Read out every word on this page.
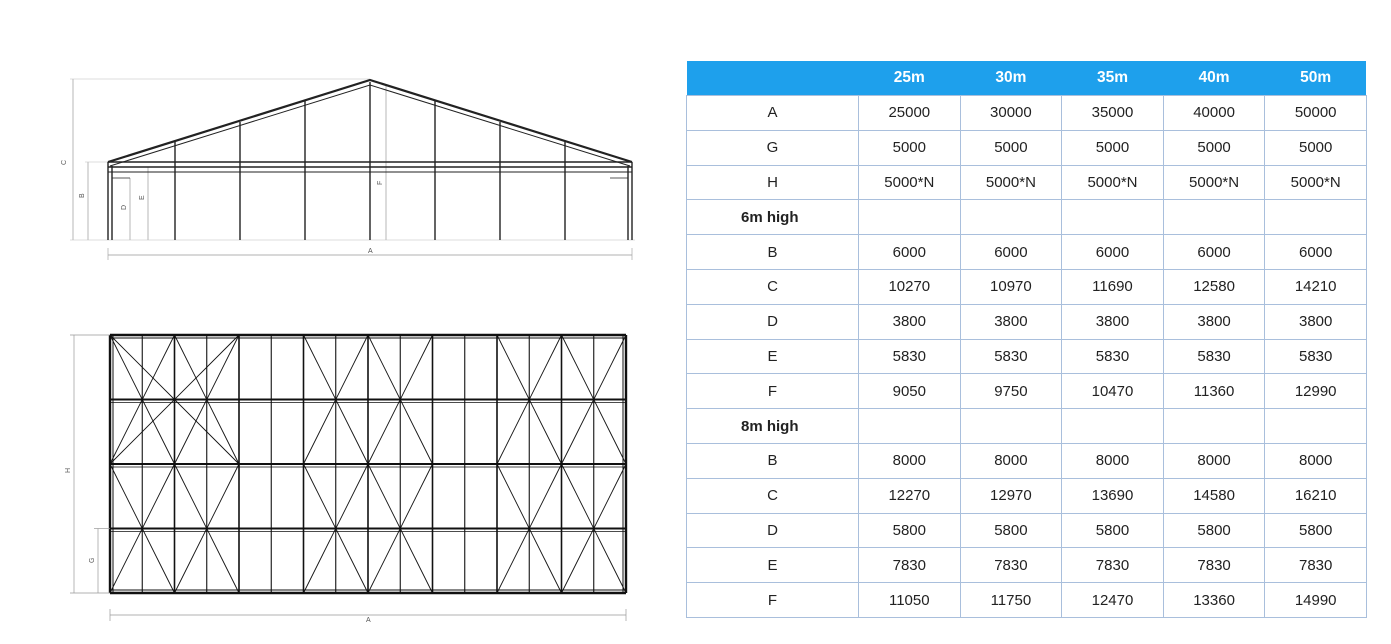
C
B
D
E
F
A
H
G
A
	25m	30m	35m	40m	50m
A	25000	30000	35000	40000	50000
G	5000	5000	5000	5000	5000
H	5000*N	5000*N	5000*N	5000*N	5000*N
6m high					
B	6000	6000	6000	6000	6000
C	10270	10970	11690	12580	14210
D	3800	3800	3800	3800	3800
E	5830	5830	5830	5830	5830
F	9050	9750	10470	11360	12990
8m high					
B	8000	8000	8000	8000	8000
C	12270	12970	13690	14580	16210
D	5800	5800	5800	5800	5800
E	7830	7830	7830	7830	7830
F	11050	11750	12470	13360	14990
